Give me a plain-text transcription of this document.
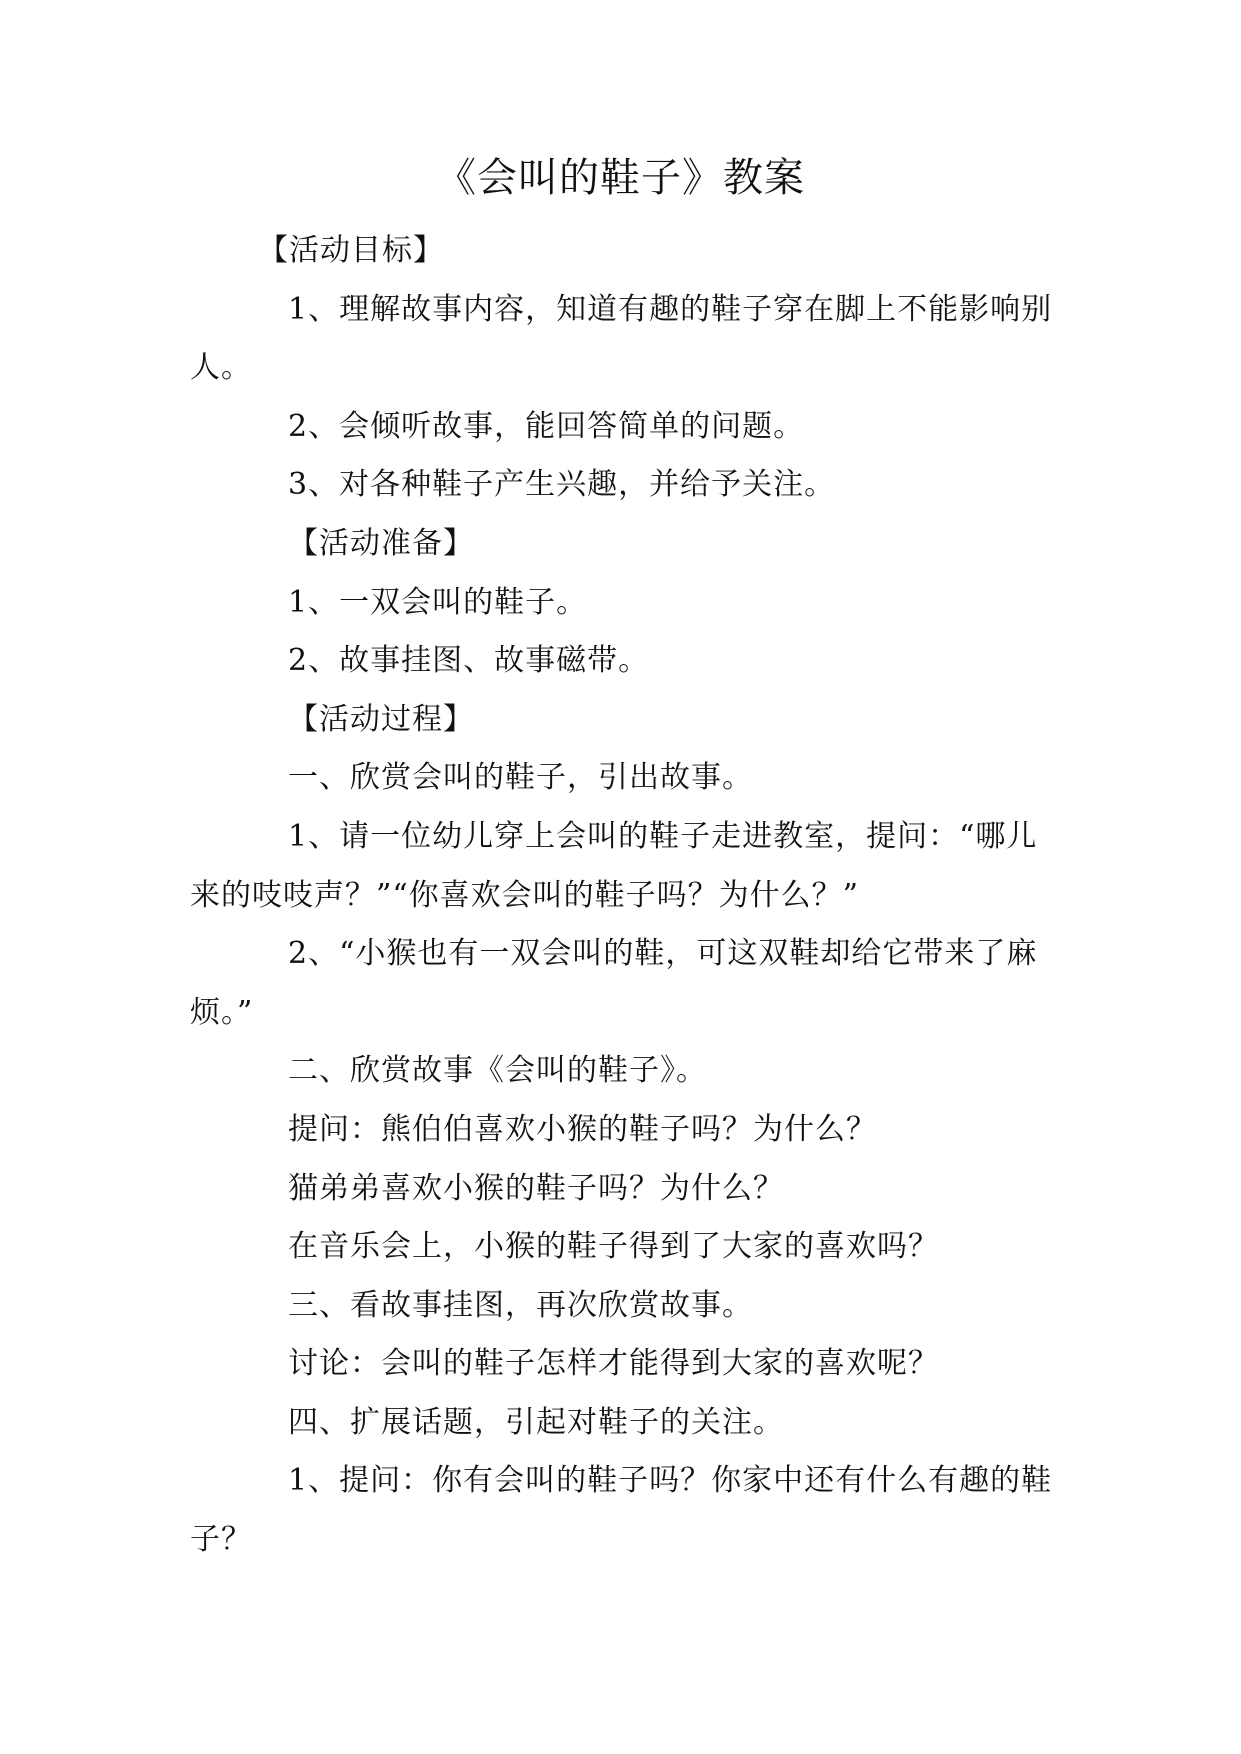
《会叫的鞋子》教案

【活动目标】

1、理解故事内容，知道有趣的鞋子穿在脚上不能影响别人。

2、会倾听故事，能回答简单的问题。

3、对各种鞋子产生兴趣，并给予关注。

【活动准备】

1、一双会叫的鞋子。

2、故事挂图、故事磁带。

【活动过程】

一、欣赏会叫的鞋子，引出故事。

1、请一位幼儿穿上会叫的鞋子走进教室，提问：“哪儿来的吱吱声？”“你喜欢会叫的鞋子吗？为什么？”

2、“小猴也有一双会叫的鞋，可这双鞋却给它带来了麻烦。”

二、欣赏故事《会叫的鞋子》。

提问：熊伯伯喜欢小猴的鞋子吗？为什么？

猫弟弟喜欢小猴的鞋子吗？为什么？

在音乐会上，小猴的鞋子得到了大家的喜欢吗？

三、看故事挂图，再次欣赏故事。

讨论：会叫的鞋子怎样才能得到大家的喜欢呢？

四、扩展话题，引起对鞋子的关注。

1、提问：你有会叫的鞋子吗？你家中还有什么有趣的鞋子？
